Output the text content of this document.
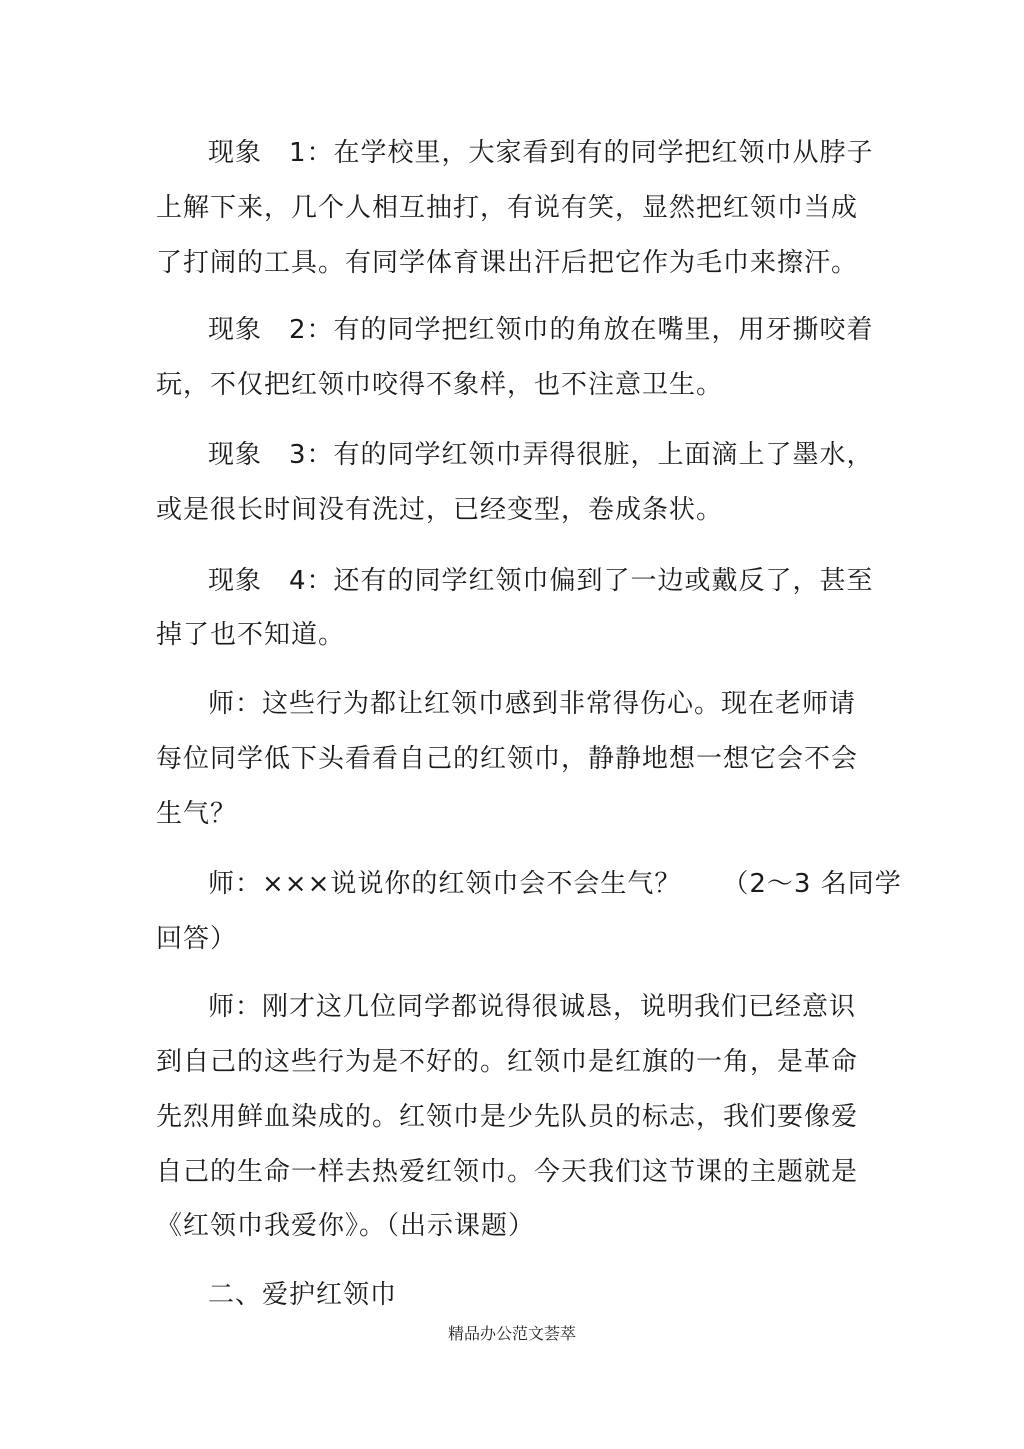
现象　1：在学校里，大家看到有的同学把红领巾从脖子
上解下来，几个人相互抽打，有说有笑，显然把红领巾当成
了打闹的工具。有同学体育课出汗后把它作为毛巾来擦汗。
现象　2：有的同学把红领巾的角放在嘴里，用牙撕咬着
玩，不仅把红领巾咬得不象样，也不注意卫生。
现象　3：有的同学红领巾弄得很脏，上面滴上了墨水，
或是很长时间没有洗过，已经变型，卷成条状。
现象　4：还有的同学红领巾偏到了一边或戴反了，甚至
掉了也不知道。
师：这些行为都让红领巾感到非常得伤心。现在老师请
每位同学低下头看看自己的红领巾，静静地想一想它会不会
生气？
师：×××说说你的红领巾会不会生气？　　（2～3 名同学
回答）
师：刚才这几位同学都说得很诚恳，说明我们已经意识
到自己的这些行为是不好的。红领巾是红旗的一角，是革命
先烈用鲜血染成的。红领巾是少先队员的标志，我们要像爱
自己的生命一样去热爱红领巾。今天我们这节课的主题就是
《红领巾我爱你》。（出示课题）
二、爱护红领巾
精品办公范文荟萃
